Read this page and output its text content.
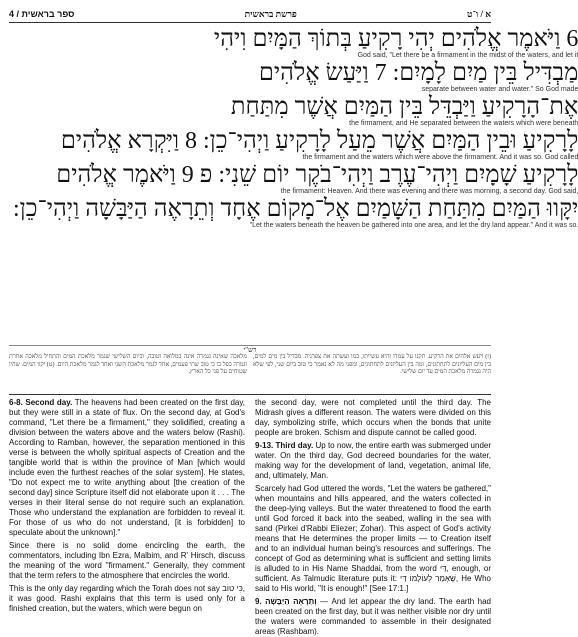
4 / ספר בראשית	פרשת בראשית	א / ו־ט
6 וַיֹּאמֶר אֱלֹהִים יְהִי רָקִיעַ בְּתוֹךְ הַמָּיִם וִיהִי
God said, "Let there be a firmament in the midst of the waters, and let it
מַבְדִּיל בֵּין מַיִם לָמָיִם: 7 וַיַּעַשׂ אֱלֹהִים
separate between water and water." So God made
אֶת־הָרָקִיעַ וַיַּבְדֵּל בֵּין הַמַּיִם אֲשֶׁר מִתַּחַת
the firmament, and He separated between the waters which were beneath
לָרָקִיעַ וּבֵין הַמַּיִם אֲשֶׁר מֵעַל לָרָקִיעַ וַיְהִי־כֵן: 8 וַיִּקְרָא אֱלֹהִים
the firmament and the waters which were above the firmament. And it was so. God called
לָרָקִיעַ שָׁמָיִם וַיְהִי־עֶרֶב וַיְהִי־בֹקֶר יוֹם שֵׁנִי: פ 9 וַיֹּאמֶר אֱלֹהִים
the firmament: Heaven. And there was evening and there was morning, a second day. God said,
יִקָּווּ הַמַּיִם מִתַּחַת הַשָּׁמַיִם אֶל־מָקוֹם אֶחָד וְתֵרָאֶה הַיַּבָּשָׁה וַיְהִי־כֵן:
"Let the waters beneath the heaven be gathered into one area, and let the dry land appear." And it was so.
רש"י
(ז) ויעש אלהים את הרקיע. תקנו על עמדו והיא עשייתו, כמו ועשתה את צפרניה. מבדיל בין מים למים, בין מים העליונים לתחתונים, ומה בין העליונים לתחתונים, ומפני מה לא נאמר כי טוב ביום שני, לפי שלא היה נגמרה מלאכת המים עד יום שלישי.
מלאכה שאינה נגמרה אינה במלואה וטובה, וביום השלישי שגמר מלאכת המים והתחיל מלאכה אחרת וגמרה כפל בו כי טוב שתי פעמים, אחד לגמר מלאכת השני ואחד לגמר מלאכת היום. (ט) יקוו המים. שהיו שטוחים על פני כל הארץ.

6-8. Second day. The heavens had been created on the first day, but they were still in a state of flux. On the second day, at God's command, "Let there be a firmament," they solidified, creating a division between the waters above and the waters below (Rashi). According to Ramban, however, the separation mentioned in this verse is between the wholly spiritual aspects of Creation and the tangible world that is within the province of Man [which would include even the furthest reaches of the solar system]. He states, "Do not expect me to write anything about [the creation of the second day] since Scripture itself did not elaborate upon it . . . The verses in their literal sense do not require such an explanation. Those who understand the explanation are forbidden to reveal it. For those of us who do not understand, [it is forbidden] to speculate about the unknown]."

Since there is no solid dome encircling the earth, the commentators, including Ibn Ezra, Malbim, and R' Hirsch, discuss the meaning of the word "firmament." Generally, they comment that the term refers to the atmosphere that encircles the world.

This is the only day regarding which the Torah does not say כִּי טוֹב, it was good. Rashi explains that this term is used only for a finished creation, but the waters, which were begun on

the second day, were not completed until the third day. The Midrash gives a different reason. The waters were divided on this day, symbolizing strife, which occurs when the bonds that unite people are broken. Schism and dispute cannot be called good.

9-13. Third day. Up to now, the entire earth was submerged under water. On the third day, God decreed boundaries for the water, making way for the development of land, vegetation, animal life, and, ultimately, Man.

Scarcely had God uttered the words, "Let the waters be gathered," when mountains and hills appeared, and the waters collected in the deep-lying valleys. But the water threatened to flood the earth until God forced it back into the seabed, walling in the sea with sand (Pirkei d'Rabbi Eliezer; Zohar). This aspect of God's activity means that He determines the proper limits — to Creation itself and to an individual human being's resources and sufferings. The concept of God as determining what is sufficient and setting limits is alluded to in His Name Shaddai, from the word דַּי, enough, or sufficient. As Talmudic literature puts it: שֶׁאָמַר לְעוֹלָמוֹ דַּי, He Who said to His world, "It is enough!" [See 17:1.]

9. וְתֵרָאֶה הַיַּבָּשָׁה — And let appear the dry land. The earth had been created on the first day, but it was neither visible nor dry until the waters were commanded to assemble in their designated areas (Rashbam).
